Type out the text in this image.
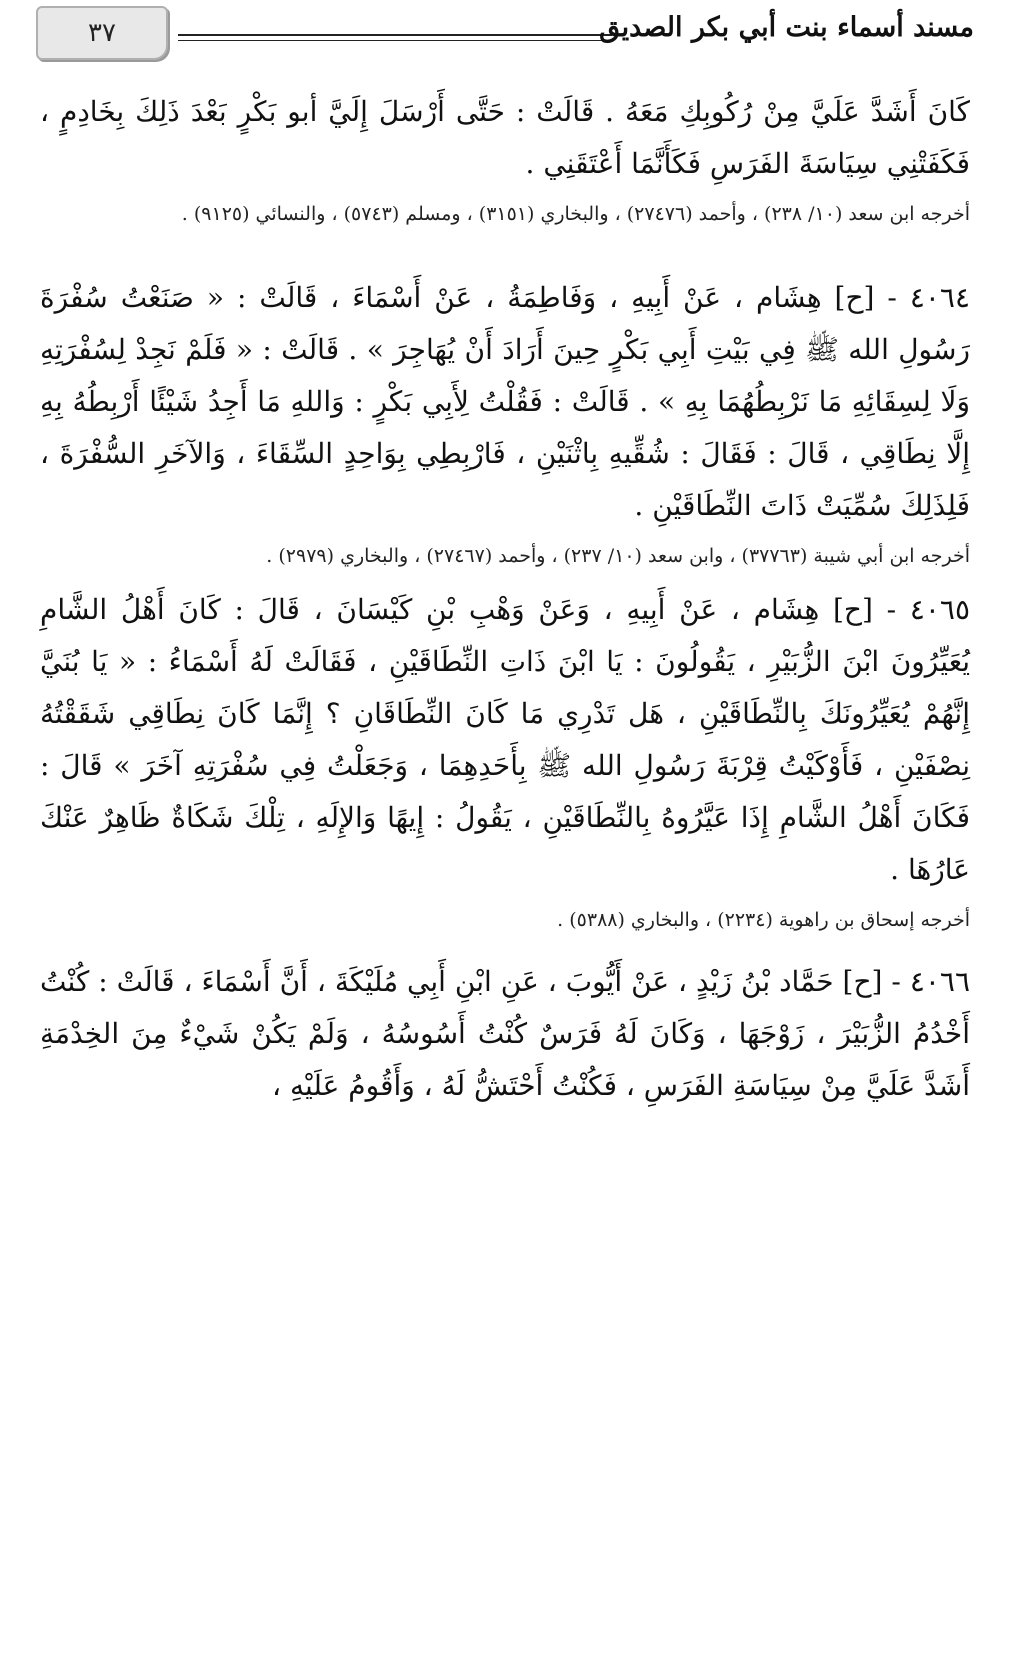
٣٧	مسند أسماء بنت أبي بكر الصديق

كَانَ أَشَدَّ عَلَيَّ مِنْ رُكُوبِكِ مَعَهُ . قَالَتْ : حَتَّى أَرْسَلَ إِلَيَّ أبو بَكْرٍ بَعْدَ ذَلِكَ بِخَادِمٍ ، فَكَفَتْنِي سِيَاسَةَ الفَرَسِ فَكَأَنَّمَا أَعْتَقَنِي .

أخرجه ابن سعد (١٠/ ٢٣٨) ، وأحمد (٢٧٤٧٦) ، والبخاري (٣١٥١) ، ومسلم (٥٧٤٣) ، والنسائي (٩١٢٥) .

٤٠٦٤ - [ح] هِشَام ، عَنْ أَبِيهِ ، وَفَاطِمَةُ ، عَنْ أَسْمَاءَ ، قَالَتْ : « صَنَعْتُ سُفْرَةَ رَسُولِ الله ﷺ فِي بَيْتِ أَبِي بَكْرٍ حِينَ أَرَادَ أَنْ يُهَاجِرَ » . قَالَتْ : « فَلَمْ نَجِدْ لِسُفْرَتِهِ وَلَا لِسِقَائِهِ مَا نَرْبِطُهُمَا بِهِ » . قَالَتْ : فَقُلْتُ لِأَبِي بَكْرٍ : وَاللهِ مَا أَجِدُ شَيْئًا أَرْبِطُهُ بِهِ إِلَّا نِطَاقِي ، قَالَ : فَقَالَ : شُقِّيهِ بِاثْنَيْنِ ، فَارْبِطِي بِوَاحِدٍ السِّقَاءَ ، وَالآخَرِ السُّفْرَةَ ، فَلِذَلِكَ سُمِّيَتْ ذَاتَ النِّطَاقَيْنِ .

أخرجه ابن أبي شيبة (٣٧٧٦٣) ، وابن سعد (١٠/ ٢٣٧) ، وأحمد (٢٧٤٦٧) ، والبخاري (٢٩٧٩) .

٤٠٦٥ - [ح] هِشَام ، عَنْ أَبِيهِ ، وَعَنْ وَهْبِ بْنِ كَيْسَانَ ، قَالَ : كَانَ أَهْلُ الشَّامِ يُعَيِّرُونَ ابْنَ الزُّبَيْرِ ، يَقُولُونَ : يَا ابْنَ ذَاتِ النِّطَاقَيْنِ ، فَقَالَتْ لَهُ أَسْمَاءُ : « يَا بُنَيَّ إِنَّهُمْ يُعَيِّرُونَكَ بِالنِّطَاقَيْنِ ، هَل تَدْرِي مَا كَانَ النِّطَاقَانِ ؟ إِنَّمَا كَانَ نِطَاقِي شَقَقْتُهُ نِصْفَيْنِ ، فَأَوْكَيْتُ قِرْبَةَ رَسُولِ الله ﷺ بِأَحَدِهِمَا ، وَجَعَلْتُ فِي سُفْرَتِهِ آخَرَ » قَالَ : فَكَانَ أَهْلُ الشَّامِ إِذَا عَيَّرُوهُ بِالنِّطَاقَيْنِ ، يَقُولُ : إِيهًا وَالإِلَهِ ، تِلْكَ شَكَاةٌ ظَاهِرٌ عَنْكَ عَارُهَا .

أخرجه إسحاق بن راهوية (٢٢٣٤) ، والبخاري (٥٣٨٨) .

٤٠٦٦ - [ح] حَمَّاد بْنُ زَيْدٍ ، عَنْ أَيُّوبَ ، عَنِ ابْنِ أَبِي مُلَيْكَةَ ، أَنَّ أَسْمَاءَ ، قَالَتْ : كُنْتُ أَخْدُمُ الزُّبَيْرَ ، زَوْجَهَا ، وَكَانَ لَهُ فَرَسٌ كُنْتُ أَسُوسُهُ ، وَلَمْ يَكُنْ شَيْءٌ مِنَ الخِدْمَةِ أَشَدَّ عَلَيَّ مِنْ سِيَاسَةِ الفَرَسِ ، فَكُنْتُ أَحْتَشُّ لَهُ ، وَأَقُومُ عَلَيْهِ ،
